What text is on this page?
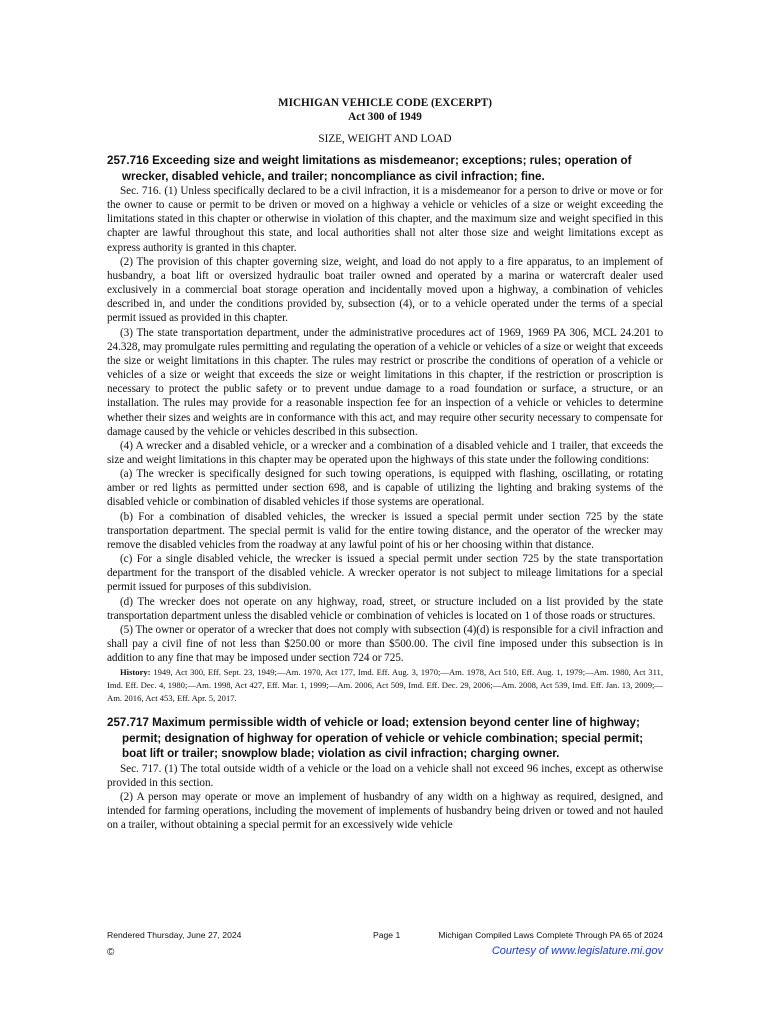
MICHIGAN VEHICLE CODE (EXCERPT)
Act 300 of 1949
SIZE, WEIGHT AND LOAD
257.716 Exceeding size and weight limitations as misdemeanor; exceptions; rules; operation of wrecker, disabled vehicle, and trailer; noncompliance as civil infraction; fine.

Sec. 716. (1) Unless specifically declared to be a civil infraction, it is a misdemeanor for a person to drive or move or for the owner to cause or permit to be driven or moved on a highway a vehicle or vehicles of a size or weight exceeding the limitations stated in this chapter or otherwise in violation of this chapter, and the maximum size and weight specified in this chapter are lawful throughout this state, and local authorities shall not alter those size and weight limitations except as express authority is granted in this chapter.

(2) The provision of this chapter governing size, weight, and load do not apply to a fire apparatus, to an implement of husbandry, a boat lift or oversized hydraulic boat trailer owned and operated by a marina or watercraft dealer used exclusively in a commercial boat storage operation and incidentally moved upon a highway, a combination of vehicles described in, and under the conditions provided by, subsection (4), or to a vehicle operated under the terms of a special permit issued as provided in this chapter.

(3) The state transportation department, under the administrative procedures act of 1969, 1969 PA 306, MCL 24.201 to 24.328, may promulgate rules permitting and regulating the operation of a vehicle or vehicles of a size or weight that exceeds the size or weight limitations in this chapter. The rules may restrict or proscribe the conditions of operation of a vehicle or vehicles of a size or weight that exceeds the size or weight limitations in this chapter, if the restriction or proscription is necessary to protect the public safety or to prevent undue damage to a road foundation or surface, a structure, or an installation. The rules may provide for a reasonable inspection fee for an inspection of a vehicle or vehicles to determine whether their sizes and weights are in conformance with this act, and may require other security necessary to compensate for damage caused by the vehicle or vehicles described in this subsection.

(4) A wrecker and a disabled vehicle, or a wrecker and a combination of a disabled vehicle and 1 trailer, that exceeds the size and weight limitations in this chapter may be operated upon the highways of this state under the following conditions:

(a) The wrecker is specifically designed for such towing operations, is equipped with flashing, oscillating, or rotating amber or red lights as permitted under section 698, and is capable of utilizing the lighting and braking systems of the disabled vehicle or combination of disabled vehicles if those systems are operational.

(b) For a combination of disabled vehicles, the wrecker is issued a special permit under section 725 by the state transportation department. The special permit is valid for the entire towing distance, and the operator of the wrecker may remove the disabled vehicles from the roadway at any lawful point of his or her choosing within that distance.

(c) For a single disabled vehicle, the wrecker is issued a special permit under section 725 by the state transportation department for the transport of the disabled vehicle. A wrecker operator is not subject to mileage limitations for a special permit issued for purposes of this subdivision.

(d) The wrecker does not operate on any highway, road, street, or structure included on a list provided by the state transportation department unless the disabled vehicle or combination of vehicles is located on 1 of those roads or structures.

(5) The owner or operator of a wrecker that does not comply with subsection (4)(d) is responsible for a civil infraction and shall pay a civil fine of not less than $250.00 or more than $500.00. The civil fine imposed under this subsection is in addition to any fine that may be imposed under section 724 or 725.

History: 1949, Act 300, Eff. Sept. 23, 1949;—Am. 1970, Act 177, Imd. Eff. Aug. 3, 1970;—Am. 1978, Act 510, Eff. Aug. 1, 1979;—Am. 1980, Act 311, Imd. Eff. Dec. 4, 1980;—Am. 1998, Act 427, Eff. Mar. 1, 1999;—Am. 2006, Act 509, Imd. Eff. Dec. 29, 2006;—Am. 2008, Act 539, Imd. Eff. Jan. 13, 2009;—Am. 2016, Act 453, Eff. Apr. 5, 2017.

257.717 Maximum permissible width of vehicle or load; extension beyond center line of highway; permit; designation of highway for operation of vehicle or vehicle combination; special permit; boat lift or trailer; snowplow blade; violation as civil infraction; charging owner.

Sec. 717. (1) The total outside width of a vehicle or the load on a vehicle shall not exceed 96 inches, except as otherwise provided in this section.

(2) A person may operate or move an implement of husbandry of any width on a highway as required, designed, and intended for farming operations, including the movement of implements of husbandry being driven or towed and not hauled on a trailer, without obtaining a special permit for an excessively wide vehicle

Rendered Thursday, June 27, 2024	Page 1	Michigan Compiled Laws Complete Through PA 65 of 2024
©	Courtesy of www.legislature.mi.gov
